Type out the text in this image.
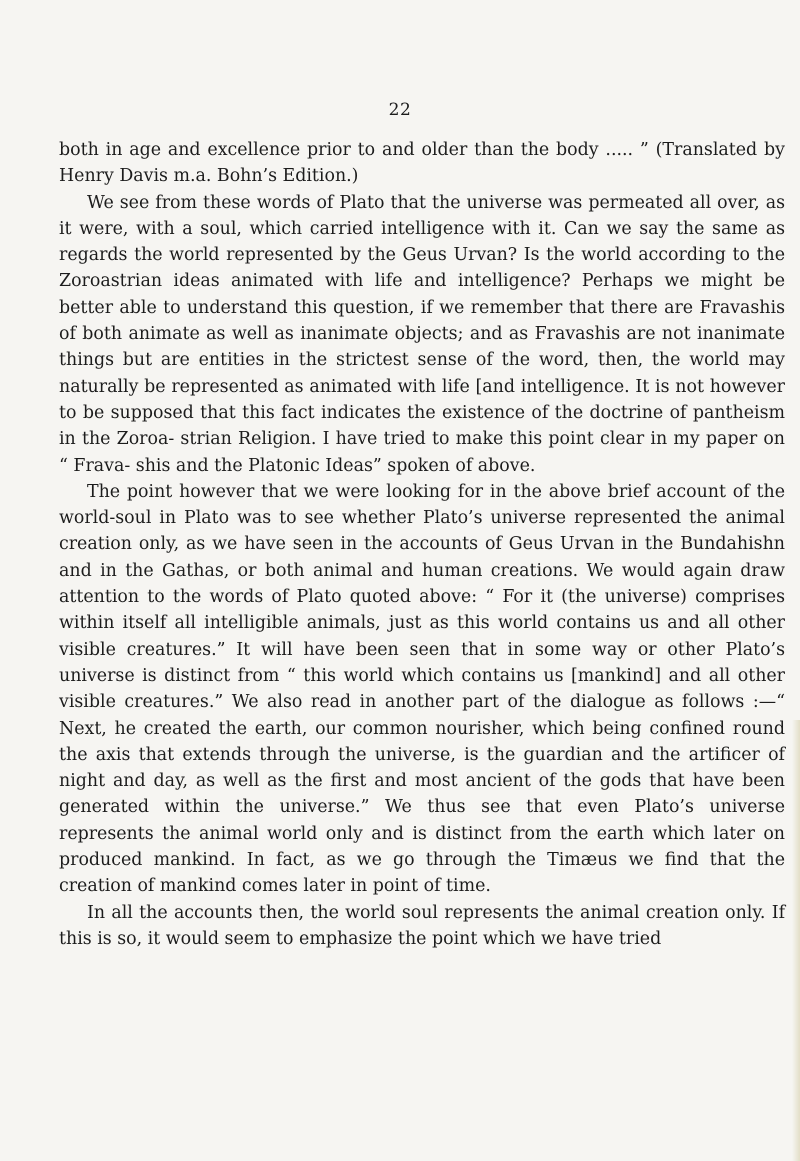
22

both in age and excellence prior to and older than the body ..... ” (Translated by Henry Davis m.a. Bohn’s Edition.)

We see from these words of Plato that the universe was permeated all over, as it were, with a soul, which carried intelligence with it. Can we say the same as regards the world represented by the Geus Urvan? Is the world according to the Zoroastrian ideas animated with life and intelligence? Perhaps we might be better able to understand this question, if we remember that there are Fravashis of both animate as well as inanimate objects; and as Fravashis are not inanimate things but are entities in the strictest sense of the word, then, the world may naturally be represented as animated with life [and intelligence. It is not however to be supposed that this fact indicates the existence of the doctrine of pantheism in the Zoroa- strian Religion. I have tried to make this point clear in my paper on “ Frava- shis and the Platonic Ideas” spoken of above.

The point however that we were looking for in the above brief account of the world-soul in Plato was to see whether Plato’s universe represented the animal creation only, as we have seen in the accounts of Geus Urvan in the Bundahishn and in the Gathas, or both animal and human creations. We would again draw attention to the words of Plato quoted above: “ For it (the universe) comprises within itself all intelligible animals, just as this world contains us and all other visible creatures.” It will have been seen that in some way or other Plato’s universe is distinct from “ this world which contains us [mankind] and all other visible creatures.” We also read in another part of the dialogue as follows :—“ Next, he created the earth, our common nourisher, which being confined round the axis that extends through the universe, is the guardian and the artificer of night and day, as well as the first and most ancient of the gods that have been generated within the universe.” We thus see that even Plato’s universe represents the animal world only and is distinct from the earth which later on produced mankind. In fact, as we go through the Timæus we find that the creation of mankind comes later in point of time.

In all the accounts then, the world soul represents the animal creation only. If this is so, it would seem to emphasize the point which we have tried
